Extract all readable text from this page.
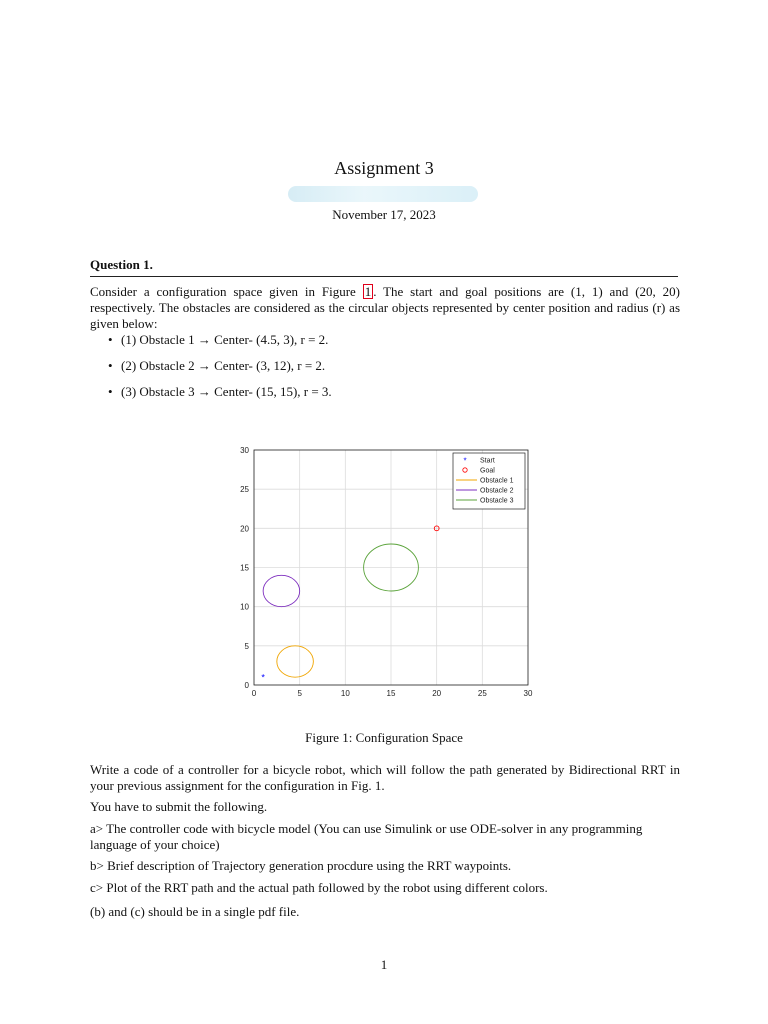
Assignment 3
November 17, 2023
Question 1.
Consider a configuration space given in Figure 1 . The start and goal positions are (1, 1) and (20, 20) respectively. The obstacles are considered as the circular objects represented by center position and radius (r) as given below:
• (1) Obstacle 1 → Center- (4.5, 3), r = 2.
• (2) Obstacle 2 → Center- (3, 12), r = 2.
• (3) Obstacle 3 → Center- (15, 15), r = 3.
0	5	10	15	20	25	30
0
5
10
15
20
25
30
*
* Start
Goal
Obstacle 1
Obstacle 2
Obstacle 3
Figure 1: Configuration Space
Write a code of a controller for a bicycle robot, which will follow the path generated by Bidirectional RRT in your previous assignment for the configuration in Fig. 1.
You have to submit the following.
a> The controller code with bicycle model (You can use Simulink or use ODE-solver in any programming language of your choice)
b> Brief description of Trajectory generation procdure using the RRT waypoints.
c> Plot of the RRT path and the actual path followed by the robot using different colors.
(b) and (c) should be in a single pdf file.
1
